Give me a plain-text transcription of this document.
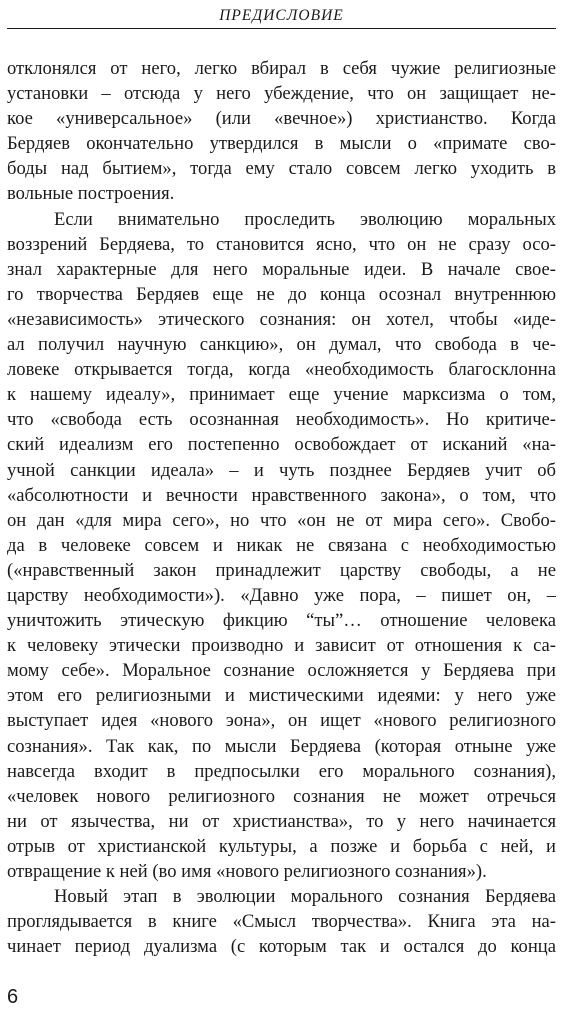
ПРЕДИСЛОВИЕ
отклонялся от него, легко вбирал в себя чужие религиозные
установки – отсюда у него убеждение, что он защищает не-
кое «универсальное» (или «вечное») христианство. Когда
Бердяев окончательно утвердился в мысли о «примате сво-
боды над бытием», тогда ему стало совсем легко уходить в
вольные построения.
Если внимательно проследить эволюцию моральных
воззрений Бердяева, то становится ясно, что он не сразу осо-
знал характерные для него моральные идеи. В начале свое-
го творчества Бердяев еще не до конца осознал внутреннюю
«независимость» этического сознания: он хотел, чтобы «иде-
ал получил научную санкцию», он думал, что свобода в че-
ловеке открывается тогда, когда «необходимость благосклонна
к нашему идеалу», принимает еще учение марксизма о том,
что «свобода есть осознанная необходимость». Но критиче-
ский идеализм его постепенно освобождает от исканий «на-
учной санкции идеала» – и чуть позднее Бердяев учит об
«абсолютности и вечности нравственного закона», о том, что
он дан «для мира сего», но что «он не от мира сего». Свобо-
да в человеке совсем и никак не связана с необходимостью
(«нравственный закон принадлежит царству свободы, а не
царству необходимости»). «Давно уже пора, – пишет он, –
уничтожить этическую фикцию “ты”… отношение человека
к человеку этически производно и зависит от отношения к са-
мому себе». Моральное сознание осложняется у Бердяева при
этом его религиозными и мистическими идеями: у него уже
выступает идея «нового эона», он ищет «нового религиозного
сознания». Так как, по мысли Бердяева (которая отныне уже
навсегда входит в предпосылки его морального сознания),
«человек нового религиозного сознания не может отречься
ни от язычества, ни от христианства», то у него начинается
отрыв от христианской культуры, а позже и борьба с ней, и
отвращение к ней (во имя «нового религиозного сознания»).
Новый этап в эволюции морального сознания Бердяева
проглядывается в книге «Смысл творчества». Книга эта на-
чинает период дуализма (с которым так и остался до конца
6
